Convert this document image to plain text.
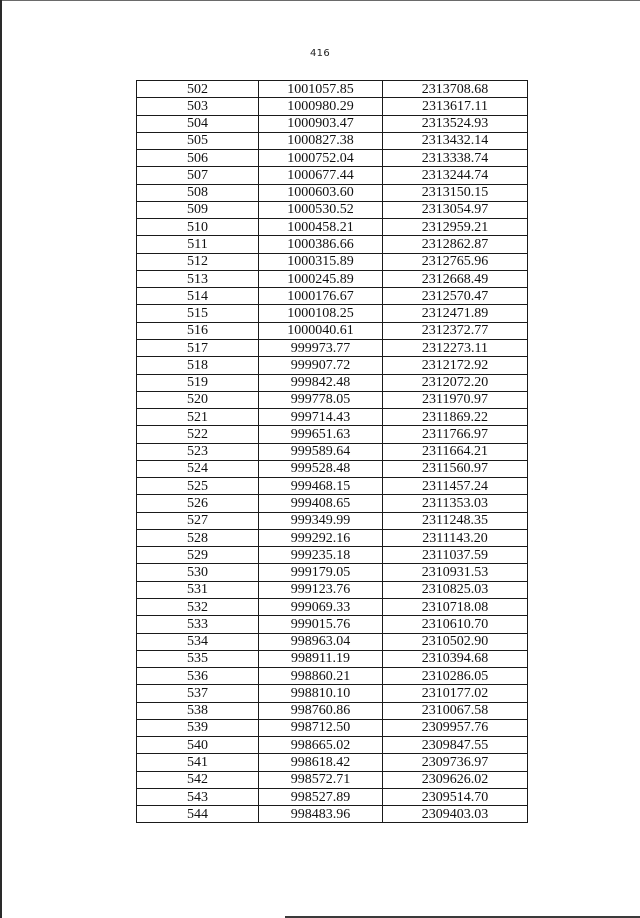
416
502	1001057.85	2313708.68
503	1000980.29	2313617.11
504	1000903.47	2313524.93
505	1000827.38	2313432.14
506	1000752.04	2313338.74
507	1000677.44	2313244.74
508	1000603.60	2313150.15
509	1000530.52	2313054.97
510	1000458.21	2312959.21
511	1000386.66	2312862.87
512	1000315.89	2312765.96
513	1000245.89	2312668.49
514	1000176.67	2312570.47
515	1000108.25	2312471.89
516	1000040.61	2312372.77
517	999973.77	2312273.11
518	999907.72	2312172.92
519	999842.48	2312072.20
520	999778.05	2311970.97
521	999714.43	2311869.22
522	999651.63	2311766.97
523	999589.64	2311664.21
524	999528.48	2311560.97
525	999468.15	2311457.24
526	999408.65	2311353.03
527	999349.99	2311248.35
528	999292.16	2311143.20
529	999235.18	2311037.59
530	999179.05	2310931.53
531	999123.76	2310825.03
532	999069.33	2310718.08
533	999015.76	2310610.70
534	998963.04	2310502.90
535	998911.19	2310394.68
536	998860.21	2310286.05
537	998810.10	2310177.02
538	998760.86	2310067.58
539	998712.50	2309957.76
540	998665.02	2309847.55
541	998618.42	2309736.97
542	998572.71	2309626.02
543	998527.89	2309514.70
544	998483.96	2309403.03
